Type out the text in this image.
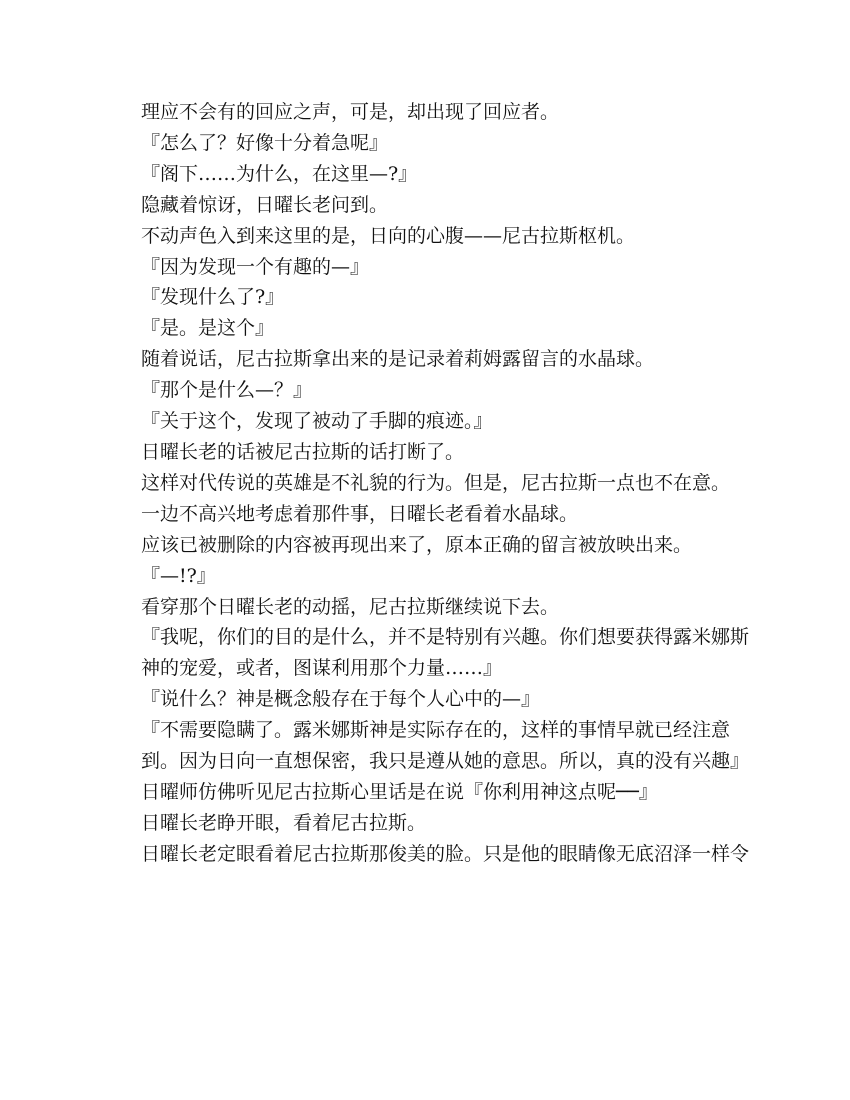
理应不会有的回应之声，可是，却出现了回应者。

『怎么了？好像十分着急呢』

『阁下……为什么，在这里—?』

隐藏着惊讶，日曜长老问到。

不动声色入到来这里的是，日向的心腹——尼古拉斯枢机。

『因为发现一个有趣的—』

『发现什么了?』

『是。是这个』

随着说话，尼古拉斯拿出来的是记录着莉姆露留言的水晶球。

『那个是什么—？』

『关于这个，发现了被动了手脚的痕迹。』

日曜长老的话被尼古拉斯的话打断了。

这样对代传说的英雄是不礼貌的行为。但是，尼古拉斯一点也不在意。

一边不高兴地考虑着那件事，日曜长老看着水晶球。

应该已被删除的内容被再现出来了，原本正确的留言被放映出来。

『—!?』

看穿那个日曜长老的动摇，尼古拉斯继续说下去。

『我呢，你们的目的是什么，并不是特别有兴趣。你们想要获得露米娜斯

神的宠爱，或者，图谋利用那个力量……』

『说什么？神是概念般存在于每个人心中的—』

『不需要隐瞒了。露米娜斯神是实际存在的，这样的事情早就已经注意

到。因为日向一直想保密，我只是遵从她的意思。所以，真的没有兴趣』

日曜师仿佛听见尼古拉斯心里话是在说『你利用神这点呢──』

日曜长老睁开眼，看着尼古拉斯。

日曜长老定眼看着尼古拉斯那俊美的脸。只是他的眼睛像无底沼泽一样令
